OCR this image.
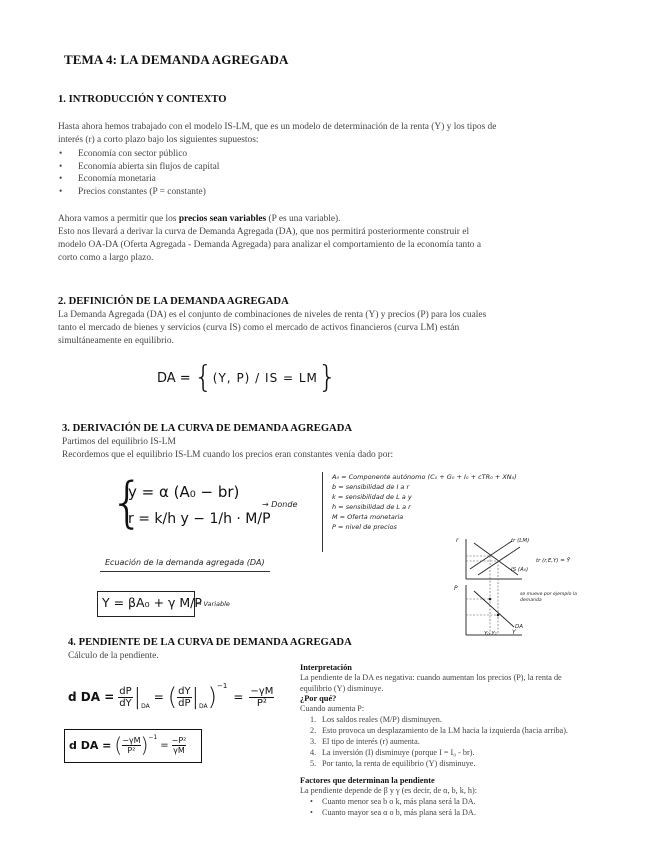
TEMA 4: LA DEMANDA AGREGADA
1. INTRODUCCIÓN Y CONTEXTO
Hasta ahora hemos trabajado con el modelo IS-LM, que es un modelo de determinación de la renta (Y) y los tipos de
interés (r) a corto plazo bajo los siguientes supuestos:
• Economía con sector público
• Economía abierta sin flujos de capital
• Economía monetaria
• Precios constantes (P = constante)
Ahora vamos a permitir que los precios sean variables (P es una variable).
Esto nos llevará a derivar la curva de Demanda Agregada (DA), que nos permitirá posteriormente construir el
modelo OA-DA (Oferta Agregada - Demanda Agregada) para analizar el comportamiento de la economía tanto a
corto como a largo plazo.
2. DEFINICIÓN DE LA DEMANDA AGREGADA
La Demanda Agregada (DA) es el conjunto de combinaciones de niveles de renta (Y) y precios (P) para los cuales
tanto el mercado de bienes y servicios (curva IS) como el mercado de activos financieros (curva LM) están
simultáneamente en equilibrio.
DA = { (Y, P) / IS = LM }
3. DERIVACIÓN DE LA CURVA DE DEMANDA AGREGADA
Partimos del equilibrio IS-LM
Recordemos que el equilibrio IS-LM cuando los precios eran constantes venía dado por:
{
y = α (A₀ − br)
r = k/h y − 1/h · M/P
→ Donde
A₀ = Componente autónomo (C₀ + G₀ + I₀ + cTR₀ + XN₀)
b = sensibilidad de I a r
k = sensibilidad de L a y
h = sensibilidad de L a r
M = Oferta monetaria
P = nivel de precios
Ecuación de la demanda agregada (DA)
Y = βA₀ + γ M/P
→ Variable
tr (LM)
IS (A₀)
tr (r,E,Y) = Ȳ
DA
se mueve por ejemplo la demanda
r
P
Y
Y₀ Y₁
4. PENDIENTE DE LA CURVA DE DEMANDA AGREGADA
Cálculo de la pendiente.
d DA = $\frac{dP}{dY}$ | DA
= ( dY
dP | DA ) −1
= $\frac{-\gamma M}{\text{P²}}$
d DA = ( −γM
P² ) −1
= $\frac{\text{−P²}}{\gamma M}$
Interpretación
La pendiente de la DA es negativa: cuando aumentan los precios (P), la renta de
equilibrio (Y) disminuye.
¿Por qué?
Cuando aumenta P:
1. Los saldos reales (M/P) disminuyen.
2. Esto provoca un desplazamiento de la LM hacia la izquierda (hacia arriba).
3. El tipo de interés (r) aumenta.
4. La inversión (I) disminuye (porque I = I₀ - br).
5. Por tanto, la renta de equilibrio (Y) disminuye.
Factores que determinan la pendiente
La pendiente depende de β y γ (es decir, de α, b, k, h):
• Cuanto menor sea b o k, más plana será la DA.
• Cuanto mayor sea α o b, más plana será la DA.
